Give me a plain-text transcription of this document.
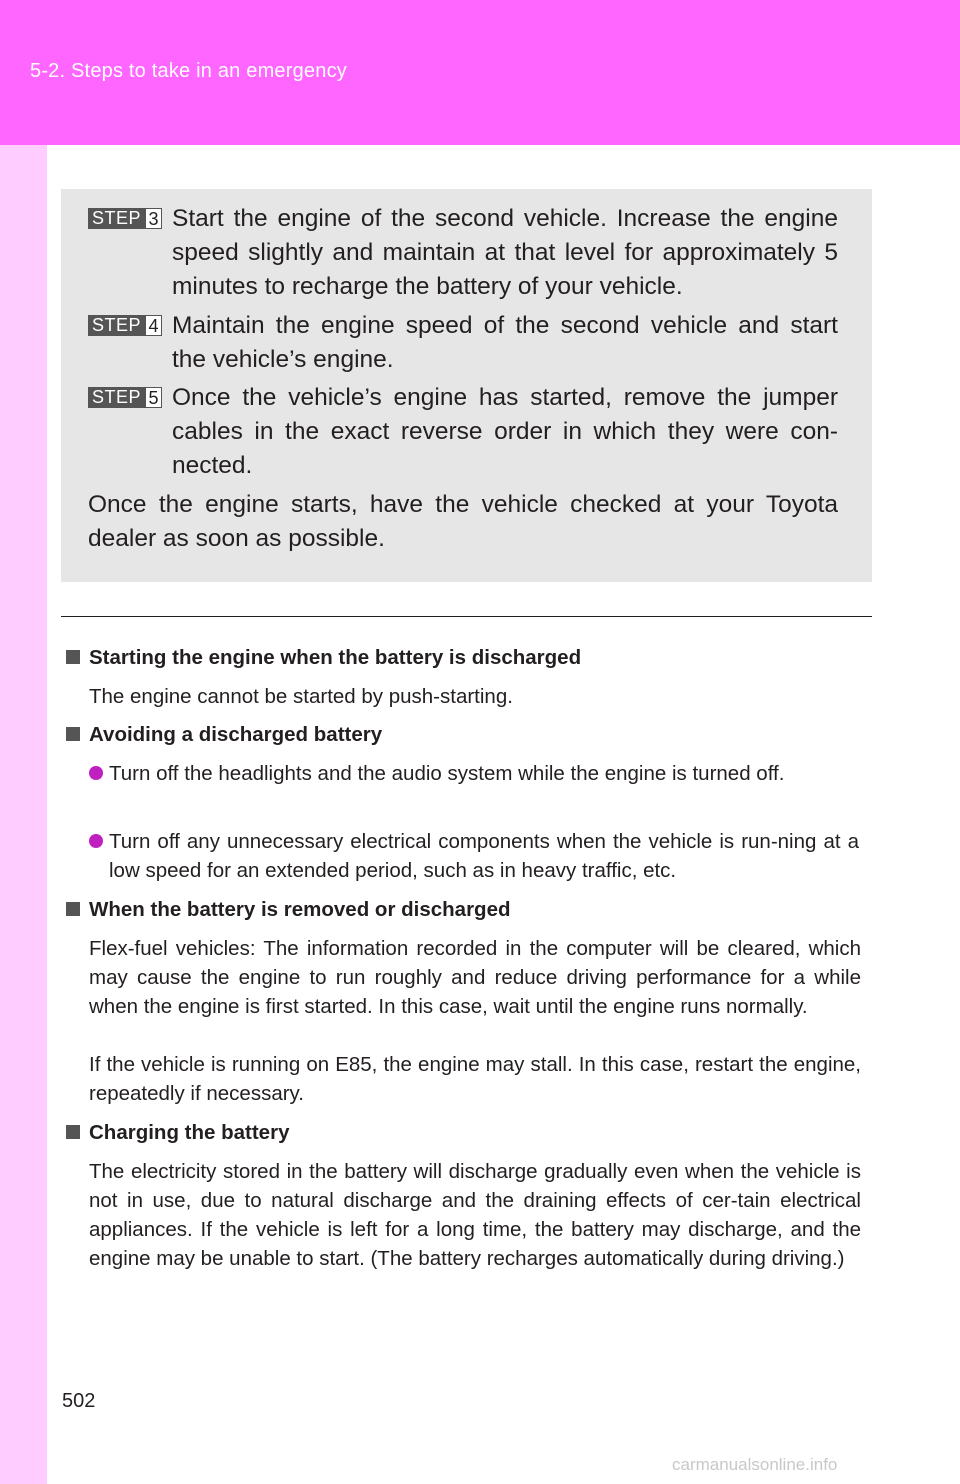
5-2. Steps to take in an emergency
STEP 3 Start the engine of the second vehicle. Increase the engine speed slightly and maintain at that level for approximately 5 minutes to recharge the battery of your vehicle.
STEP 4 Maintain the engine speed of the second vehicle and start the vehicle’s engine.
STEP 5 Once the vehicle’s engine has started, remove the jumper cables in the exact reverse order in which they were con-nected.
Once the engine starts, have the vehicle checked at your Toyota dealer as soon as possible.
Starting the engine when the battery is discharged
The engine cannot be started by push-starting.
Avoiding a discharged battery
Turn off the headlights and the audio system while the engine is turned off.
Turn off any unnecessary electrical components when the vehicle is run-ning at a low speed for an extended period, such as in heavy traffic, etc.
When the battery is removed or discharged
Flex-fuel vehicles: The information recorded in the computer will be cleared, which may cause the engine to run roughly and reduce driving performance for a while when the engine is first started. In this case, wait until the engine runs normally.
If the vehicle is running on E85, the engine may stall. In this case, restart the engine, repeatedly if necessary.
Charging the battery
The electricity stored in the battery will discharge gradually even when the vehicle is not in use, due to natural discharge and the draining effects of cer-tain electrical appliances. If the vehicle is left for a long time, the battery may discharge, and the engine may be unable to start. (The battery recharges automatically during driving.)
502
carmanualsonline.info
